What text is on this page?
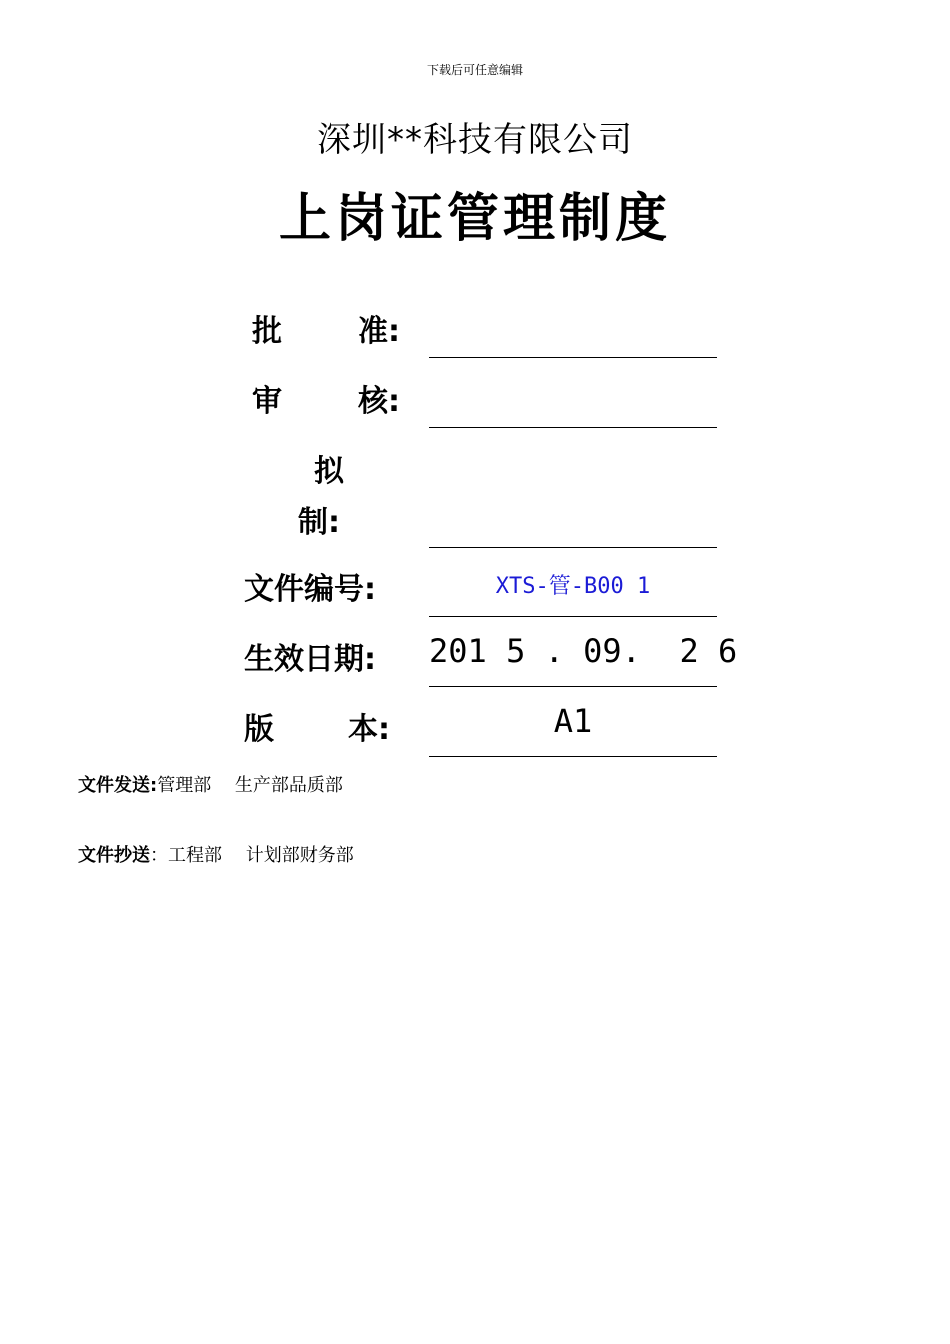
下载后可任意编辑
深圳**科技有限公司
上岗证管理制度
批	准:
审	核:
拟
制:
文件编号:	XTS-管-B00 1
生效日期: 201 5 . 09.  2 6
版 本:	A1
文件发送:管理部　 生产部品质部
文件抄送：工程部　 计划部财务部
